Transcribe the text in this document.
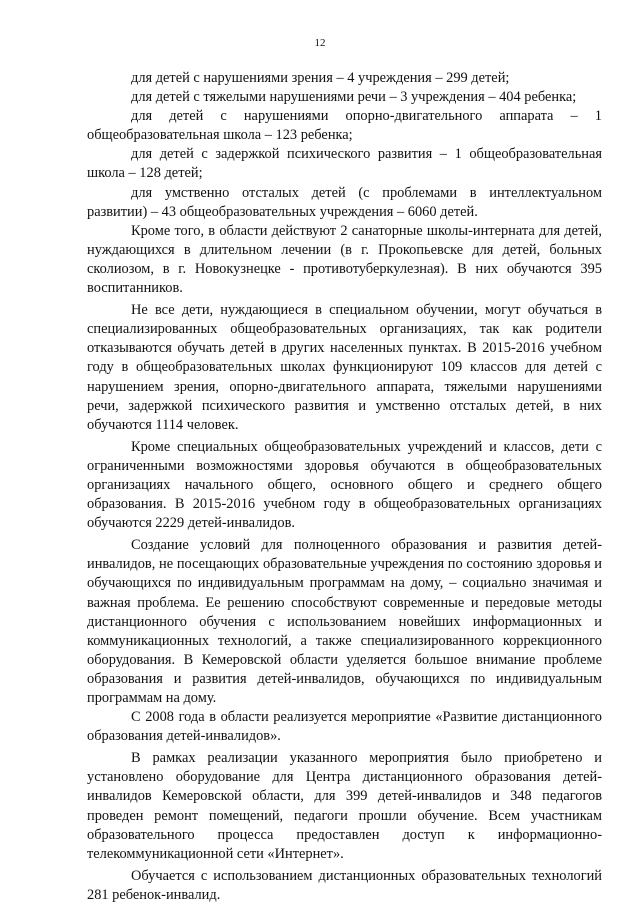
12

для детей с нарушениями зрения – 4 учреждения – 299 детей;

для детей с тяжелыми нарушениями речи – 3 учреждения – 404 ребенка;

для детей с нарушениями опорно-двигательного аппарата – 1 общеобразовательная школа – 123 ребенка;

для детей с задержкой психического развития – 1 общеобразовательная школа – 128 детей;

для умственно отсталых детей (с проблемами в интеллектуальном развитии) – 43 общеобразовательных учреждения – 6060 детей.

Кроме того, в области действуют 2 санаторные школы-интерната для детей, нуждающихся в длительном лечении (в г. Прокопьевске для детей, больных сколиозом, в г. Новокузнецке - противотуберкулезная). В них обучаются 395 воспитанников.

Не все дети, нуждающиеся в специальном обучении, могут обучаться в специализированных общеобразовательных организациях, так как родители отказываются обучать детей в других населенных пунктах. В 2015-2016 учебном году в общеобразовательных школах функционируют 109 классов для детей с нарушением зрения, опорно-двигательного аппарата, тяжелыми нарушениями речи, задержкой психического развития и умственно отсталых детей, в них обучаются 1114 человек.

Кроме специальных общеобразовательных учреждений и классов, дети с ограниченными возможностями здоровья обучаются в общеобразовательных организациях начального общего, основного общего и среднего общего образования. В 2015-2016 учебном году в общеобразовательных организациях обучаются 2229 детей-инвалидов.

Создание условий для полноценного образования и развития детей-инвалидов, не посещающих образовательные учреждения по состоянию здоровья и обучающихся по индивидуальным программам на дому, – социально значимая и важная проблема. Ее решению способствуют современные и передовые методы дистанционного обучения с использованием новейших информационных и коммуникационных технологий, а также специализированного коррекционного оборудования. В Кемеровской области уделяется большое внимание проблеме образования и развития детей-инвалидов, обучающихся по индивидуальным программам на дому.

С 2008 года в области реализуется мероприятие «Развитие дистанционного образования детей-инвалидов».

В рамках реализации указанного мероприятия было приобретено и установлено оборудование для Центра дистанционного образования детей-инвалидов Кемеровской области, для 399 детей-инвалидов и 348 педагогов проведен ремонт помещений, педагоги прошли обучение. Всем участникам образовательного процесса предоставлен доступ к информационно-телекоммуникационной сети «Интернет».

Обучается с использованием дистанционных образовательных технологий 281 ребенок-инвалид.
